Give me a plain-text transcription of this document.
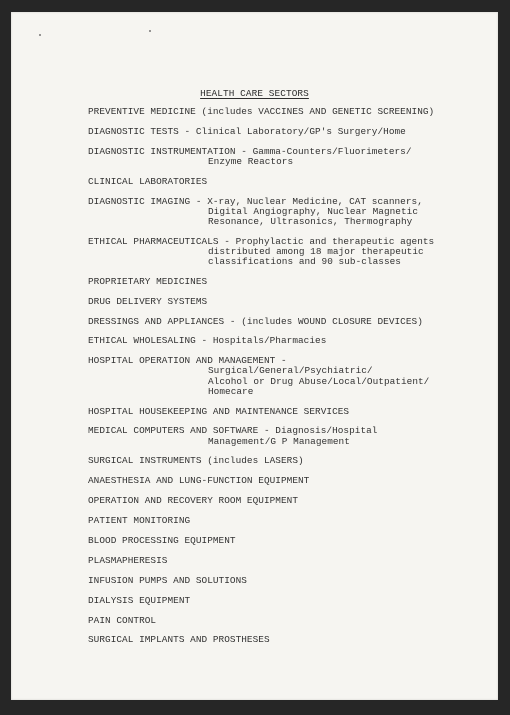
HEALTH CARE SECTORS
PREVENTIVE MEDICINE (includes VACCINES AND GENETIC SCREENING)
DIAGNOSTIC TESTS - Clinical Laboratory/GP's Surgery/Home
DIAGNOSTIC INSTRUMENTATION - Gamma-Counters/Fluorimeters/
Enzyme Reactors
CLINICAL LABORATORIES
DIAGNOSTIC IMAGING - X-ray, Nuclear Medicine, CAT scanners,
Digital Angiography, Nuclear Magnetic
Resonance, Ultrasonics, Thermography
ETHICAL PHARMACEUTICALS - Prophylactic and therapeutic agents
distributed among 18 major therapeutic
classifications and 90 sub-classes
PROPRIETARY MEDICINES
DRUG DELIVERY SYSTEMS
DRESSINGS AND APPLIANCES - (includes WOUND CLOSURE DEVICES)
ETHICAL WHOLESALING - Hospitals/Pharmacies
HOSPITAL OPERATION AND MANAGEMENT -
Surgical/General/Psychiatric/
Alcohol or Drug Abuse/Local/Outpatient/
Homecare
HOSPITAL HOUSEKEEPING AND MAINTENANCE SERVICES
MEDICAL COMPUTERS AND SOFTWARE - Diagnosis/Hospital
Management/G P Management
SURGICAL INSTRUMENTS (includes LASERS)
ANAESTHESIA AND LUNG-FUNCTION EQUIPMENT
OPERATION AND RECOVERY ROOM EQUIPMENT
PATIENT MONITORING
BLOOD PROCESSING EQUIPMENT
PLASMAPHERESIS
INFUSION PUMPS AND SOLUTIONS
DIALYSIS EQUIPMENT
PAIN CONTROL
SURGICAL IMPLANTS AND PROSTHESES
